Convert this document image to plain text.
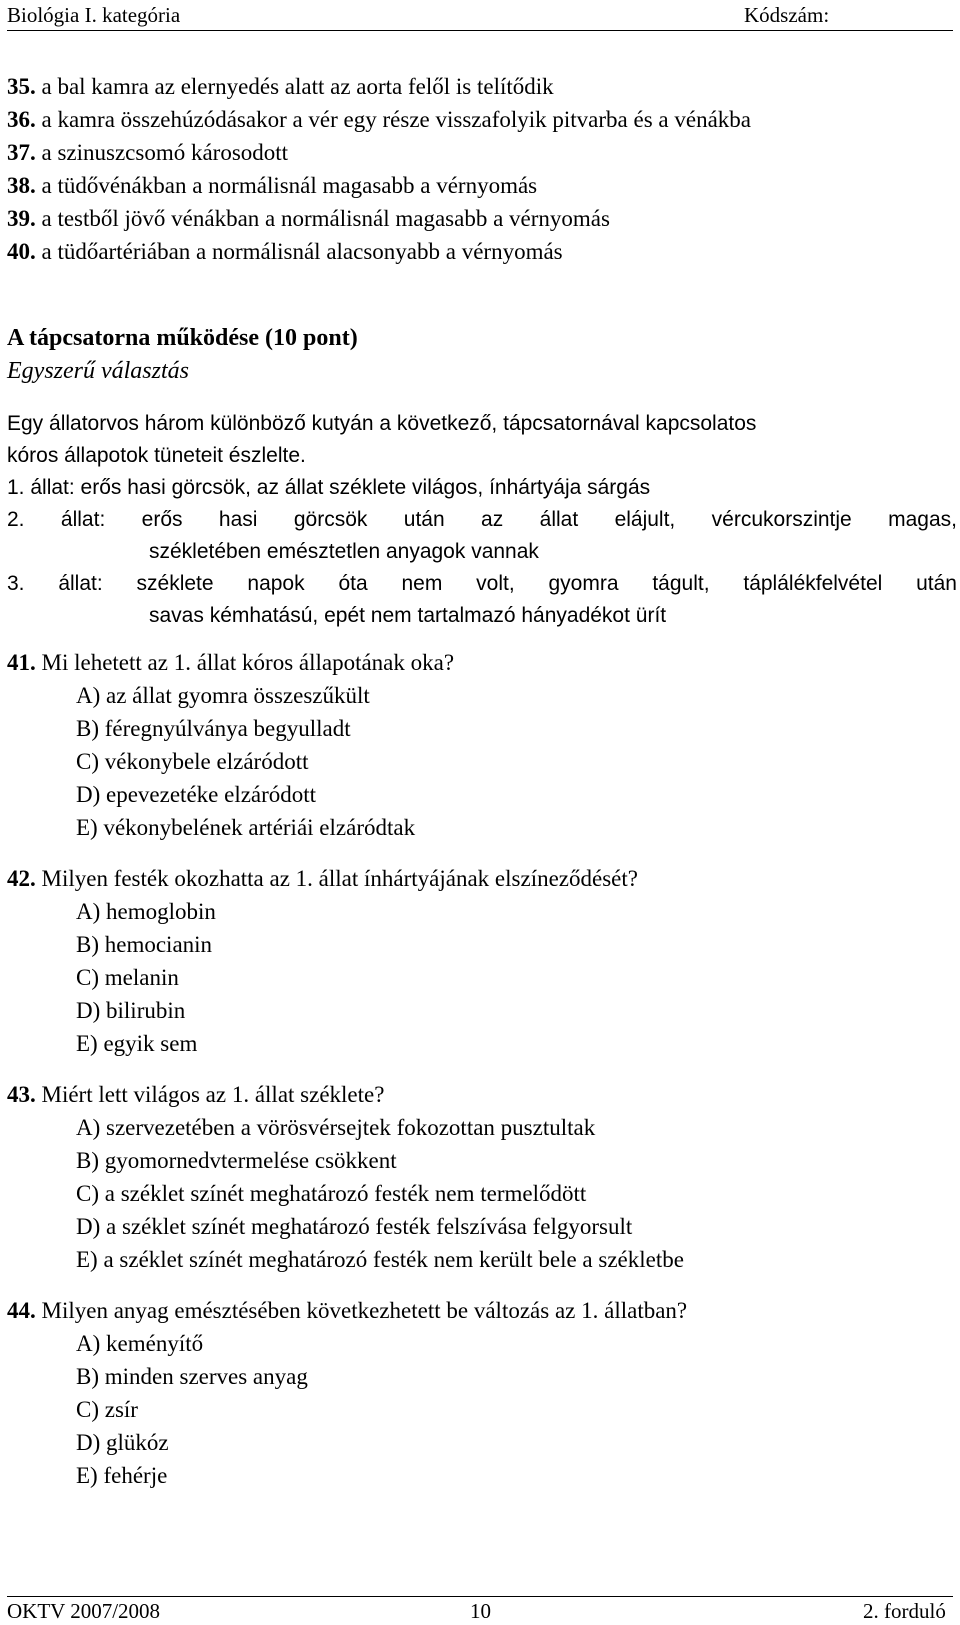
Biológia I. kategória	Kódszám:
35. a bal kamra az elernyedés alatt az aorta felől is telítődik
36. a kamra összehúzódásakor a vér egy része visszafolyik pitvarba és a vénákba
37. a szinuszcsomó károsodott
38. a tüdővénákban a normálisnál magasabb a vérnyomás
39. a testből jövő vénákban a normálisnál magasabb a vérnyomás
40. a tüdőartériában a normálisnál alacsonyabb a vérnyomás
A tápcsatorna működése (10 pont)
Egyszerű választás
Egy állatorvos három különböző kutyán a következő, tápcsatornával kapcsolatos
kóros állapotok tüneteit észlelte.
1. állat: erős hasi görcsök, az állat széklete világos, ínhártyája sárgás
2. állat: erős hasi görcsök után az állat elájult, vércukorszintje magas,
székletében emésztetlen anyagok vannak
3. állat: széklete napok óta nem volt, gyomra tágult, táplálékfelvétel után
savas kémhatású, epét nem tartalmazó hányadékot ürít
41. Mi lehetett az 1. állat kóros állapotának oka?
A) az állat gyomra összeszűkült
B) féregnyúlványa begyulladt
C) vékonybele elzáródott
D) epevezetéke elzáródott
E) vékonybelének artériái elzáródtak
42. Milyen festék okozhatta az 1. állat ínhártyájának elszíneződését?
A) hemoglobin
B) hemocianin
C) melanin
D) bilirubin
E) egyik sem
43. Miért lett világos az 1. állat széklete?
A) szervezetében a vörösvérsejtek fokozottan pusztultak
B) gyomornedvtermelése csökkent
C) a széklet színét meghatározó festék nem termelődött
D) a széklet színét meghatározó festék felszívása felgyorsult
E) a széklet színét meghatározó festék nem került bele a székletbe
44. Milyen anyag emésztésében következhetett be változás az 1. állatban?
A) keményítő
B) minden szerves anyag
C) zsír
D) glükóz
E) fehérje
OKTV 2007/2008	10	2. forduló
